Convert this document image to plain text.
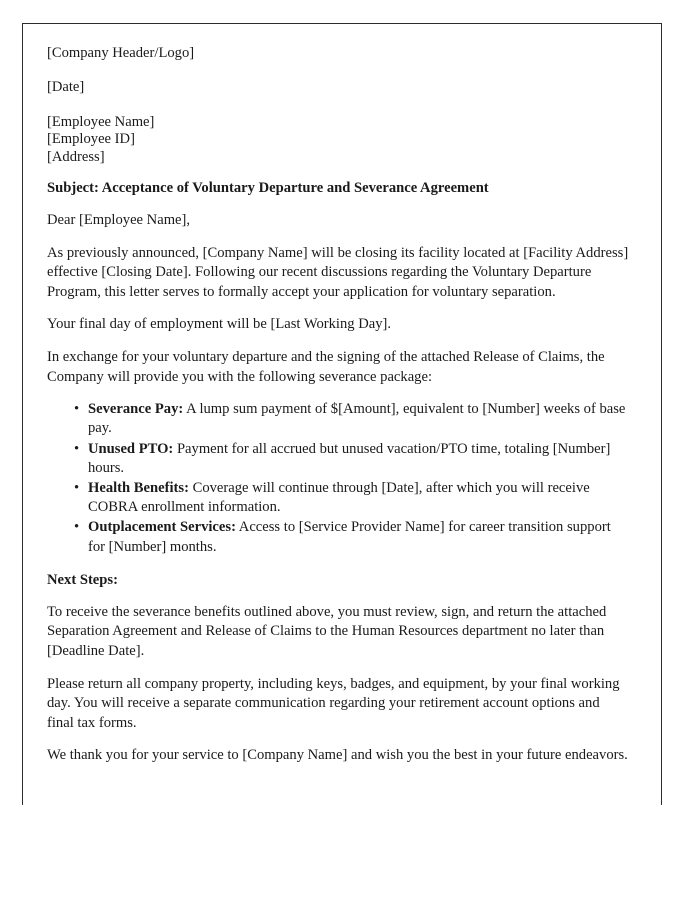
[Company Header/Logo]
[Date]
[Employee Name]
[Employee ID]
[Address]
Subject: Acceptance of Voluntary Departure and Severance Agreement

Dear [Employee Name],

As previously announced, [Company Name] will be closing its facility located at [Facility Address] effective [Closing Date]. Following our recent discussions regarding the Voluntary Departure Program, this letter serves to formally accept your application for voluntary separation.

Your final day of employment will be [Last Working Day].

In exchange for your voluntary departure and the signing of the attached Release of Claims, the Company will provide you with the following severance package:

• Severance Pay: A lump sum payment of $[Amount], equivalent to [Number] weeks of base pay.
• Unused PTO: Payment for all accrued but unused vacation/PTO time, totaling [Number] hours.
• Health Benefits: Coverage will continue through [Date], after which you will receive COBRA enrollment information.
• Outplacement Services: Access to [Service Provider Name] for career transition support for [Number] months.
Next Steps:

To receive the severance benefits outlined above, you must review, sign, and return the attached Separation Agreement and Release of Claims to the Human Resources department no later than [Deadline Date].

Please return all company property, including keys, badges, and equipment, by your final working day. You will receive a separate communication regarding your retirement account options and final tax forms.

We thank you for your service to [Company Name] and wish you the best in your future endeavors.
